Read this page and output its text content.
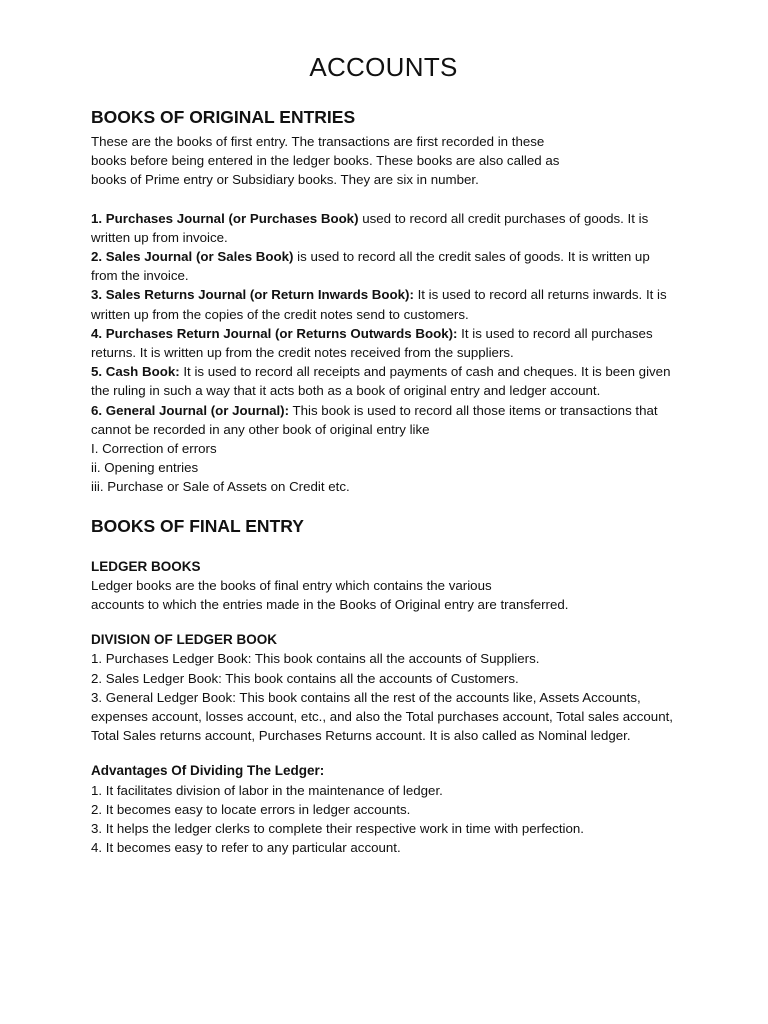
ACCOUNTS
BOOKS OF ORIGINAL ENTRIES

These are the books of first entry. The transactions are first recorded in these
books before being entered in the ledger books. These books are also called as
books of Prime entry or Subsidiary books. They are six in number.

1. Purchases Journal (or Purchases Book) used to record all credit purchases of goods. It is written up from invoice.

2. Sales Journal (or Sales Book) is used to record all the credit sales of goods. It is written up from the invoice.

3. Sales Returns Journal (or Return Inwards Book): It is used to record all returns inwards. It is written up from the copies of the credit notes send to customers.

4. Purchases Return Journal (or Returns Outwards Book): It is used to record all purchases returns. It is written up from the credit notes received from the suppliers.

5. Cash Book: It is used to record all receipts and payments of cash and cheques. It is been given the ruling in such a way that it acts both as a book of original entry and ledger account.

6. General Journal (or Journal): This book is used to record all those items or transactions that cannot be recorded in any other book of original entry like

I. Correction of errors

ii. Opening entries

iii. Purchase or Sale of Assets on Credit etc.

BOOKS OF FINAL ENTRY
LEDGER BOOKS

Ledger books are the books of final entry which contains the various
accounts to which the entries made in the Books of Original entry are transferred.

DIVISION OF LEDGER BOOK

1. Purchases Ledger Book: This book contains all the accounts of Suppliers.

2. Sales Ledger Book: This book contains all the accounts of Customers.

3. General Ledger Book: This book contains all the rest of the accounts like, Assets Accounts, expenses account, losses account, etc., and also the Total purchases account, Total sales account, Total Sales returns account, Purchases Returns account. It is also called as Nominal ledger.

Advantages Of Dividing The Ledger:

1. It facilitates division of labor in the maintenance of ledger.

2. It becomes easy to locate errors in ledger accounts.

3. It helps the ledger clerks to complete their respective work in time with perfection.

4. It becomes easy to refer to any particular account.
